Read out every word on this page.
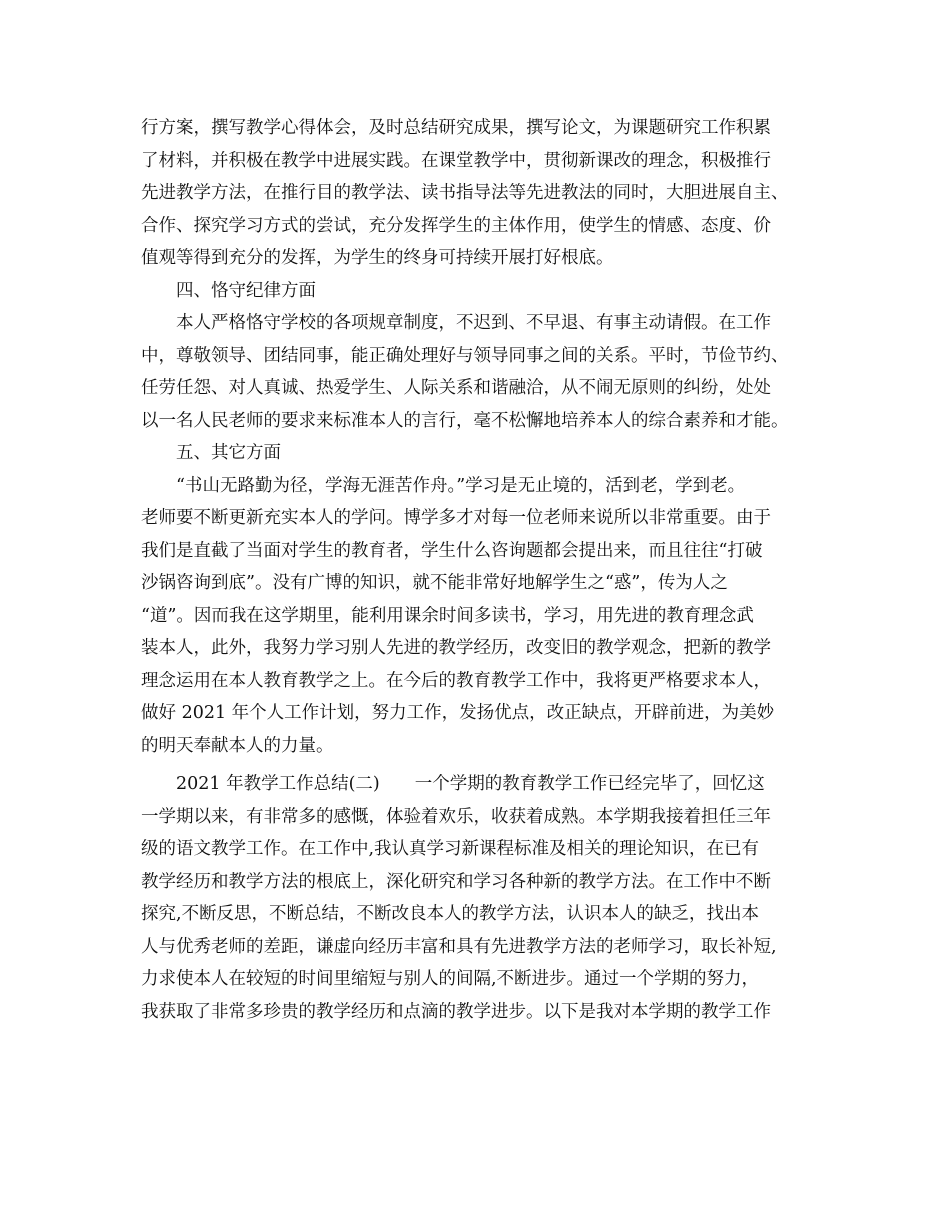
行方案，撰写教学心得体会，及时总结研究成果，撰写论文，为课题研究工作积累
了材料，并积极在教学中进展实践。在课堂教学中，贯彻新课改的理念，积极推行
先进教学方法，在推行目的教学法、读书指导法等先进教法的同时，大胆进展自主、
合作、探究学习方式的尝试，充分发挥学生的主体作用，使学生的情感、态度、价
值观等得到充分的发挥，为学生的终身可持续开展打好根底。
四、恪守纪律方面
本人严格恪守学校的各项规章制度，不迟到、不早退、有事主动请假。在工作
中，尊敬领导、团结同事，能正确处理好与领导同事之间的关系。平时，节俭节约、
任劳任怨、对人真诚、热爱学生、人际关系和谐融洽，从不闹无原则的纠纷，处处
以一名人民老师的要求来标准本人的言行，毫不松懈地培养本人的综合素养和才能。
五、其它方面
“书山无路勤为径，学海无涯苦作舟。”学习是无止境的，活到老，学到老。
老师要不断更新充实本人的学问。博学多才对每一位老师来说所以非常重要。由于
我们是直截了当面对学生的教育者，学生什么咨询题都会提出来，而且往往“打破
沙锅咨询到底”。没有广博的知识，就不能非常好地解学生之“惑”，传为人之
“道”。因而我在这学期里，能利用课余时间多读书，学习，用先进的教育理念武
装本人，此外，我努力学习别人先进的教学经历，改变旧的教学观念，把新的教学
理念运用在本人教育教学之上。在今后的教育教学工作中，我将更严格要求本人，
做好 2021 年个人工作计划，努力工作，发扬优点，改正缺点，开辟前进，为美妙
的明天奉献本人的力量。
2021 年教学工作总结(二)　　一个学期的教育教学工作已经完毕了，回忆这
一学期以来，有非常多的感慨，体验着欢乐，收获着成熟。本学期我接着担任三年
级的语文教学工作。在工作中,我认真学习新课程标准及相关的理论知识，在已有
教学经历和教学方法的根底上，深化研究和学习各种新的教学方法。在工作中不断
探究,不断反思，不断总结，不断改良本人的教学方法，认识本人的缺乏，找出本
人与优秀老师的差距，谦虚向经历丰富和具有先进教学方法的老师学习，取长补短,
力求使本人在较短的时间里缩短与别人的间隔,不断进步。通过一个学期的努力，
我获取了非常多珍贵的教学经历和点滴的教学进步。以下是我对本学期的教学工作
